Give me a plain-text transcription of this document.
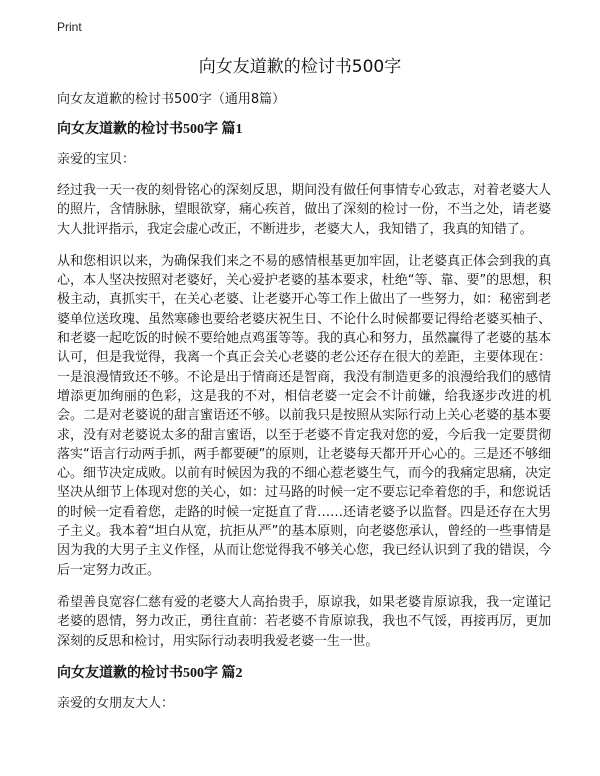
Print
向女友道歉的检讨书500字
向女友道歉的检讨书500字（通用8篇）
向女友道歉的检讨书500字 篇1
亲爱的宝贝：

经过我一天一夜的刻骨铭心的深刻反思，期间没有做任何事情专心致志，对着老婆大人的照片，含情脉脉，望眼欲穿，痛心疾首，做出了深刻的检讨一份，不当之处，请老婆大人批评指示，我定会虚心改正，不断进步，老婆大人，我知错了，我真的知错了。

从和您相识以来，为确保我们来之不易的感情根基更加牢固，让老婆真正体会到我的真心，本人坚决按照对老婆好，关心爱护老婆的基本要求，杜绝“等、靠、要”的思想，积极主动，真抓实干，在关心老婆、让老婆开心等工作上做出了一些努力，如：秘密到老婆单位送玫瑰、虽然寒碜也要给老婆庆祝生日、不论什么时候都要记得给老婆买柚子、和老婆一起吃饭的时候不要给她点鸡蛋等等。我的真心和努力，虽然赢得了老婆的基本认可，但是我觉得，我离一个真正会关心老婆的老公还存在很大的差距，主要体现在：一是浪漫情致还不够。不论是出于情商还是智商，我没有制造更多的浪漫给我们的感情增添更加绚丽的色彩，这是我的不对，相信老婆一定会不计前嫌，给我逐步改进的机会。二是对老婆说的甜言蜜语还不够。以前我只是按照从实际行动上关心老婆的基本要求，没有对老婆说太多的甜言蜜语，以至于老婆不肯定我对您的爱，今后我一定要贯彻落实“语言行动两手抓，两手都要硬”的原则，让老婆每天都开开心心的。三是还不够细心。细节决定成败。以前有时候因为我的不细心惹老婆生气，而今的我痛定思痛，决定坚决从细节上体现对您的关心，如：过马路的时候一定不要忘记牵着您的手，和您说话的时候一定看着您，走路的时候一定挺直了背……还请老婆予以监督。四是还存在大男子主义。我本着“坦白从宽，抗拒从严”的基本原则，向老婆您承认，曾经的一些事情是因为我的大男子主义作怪，从而让您觉得我不够关心您，我已经认识到了我的错误，今后一定努力改正。

希望善良宽容仁慈有爱的老婆大人高抬贵手，原谅我，如果老婆肯原谅我，我一定谨记老婆的恩情，努力改正，勇往直前：若老婆不肯原谅我，我也不气馁，再接再厉，更加深刻的反思和检讨，用实际行动表明我爱老婆一生一世。

向女友道歉的检讨书500字 篇2
亲爱的女朋友大人：
